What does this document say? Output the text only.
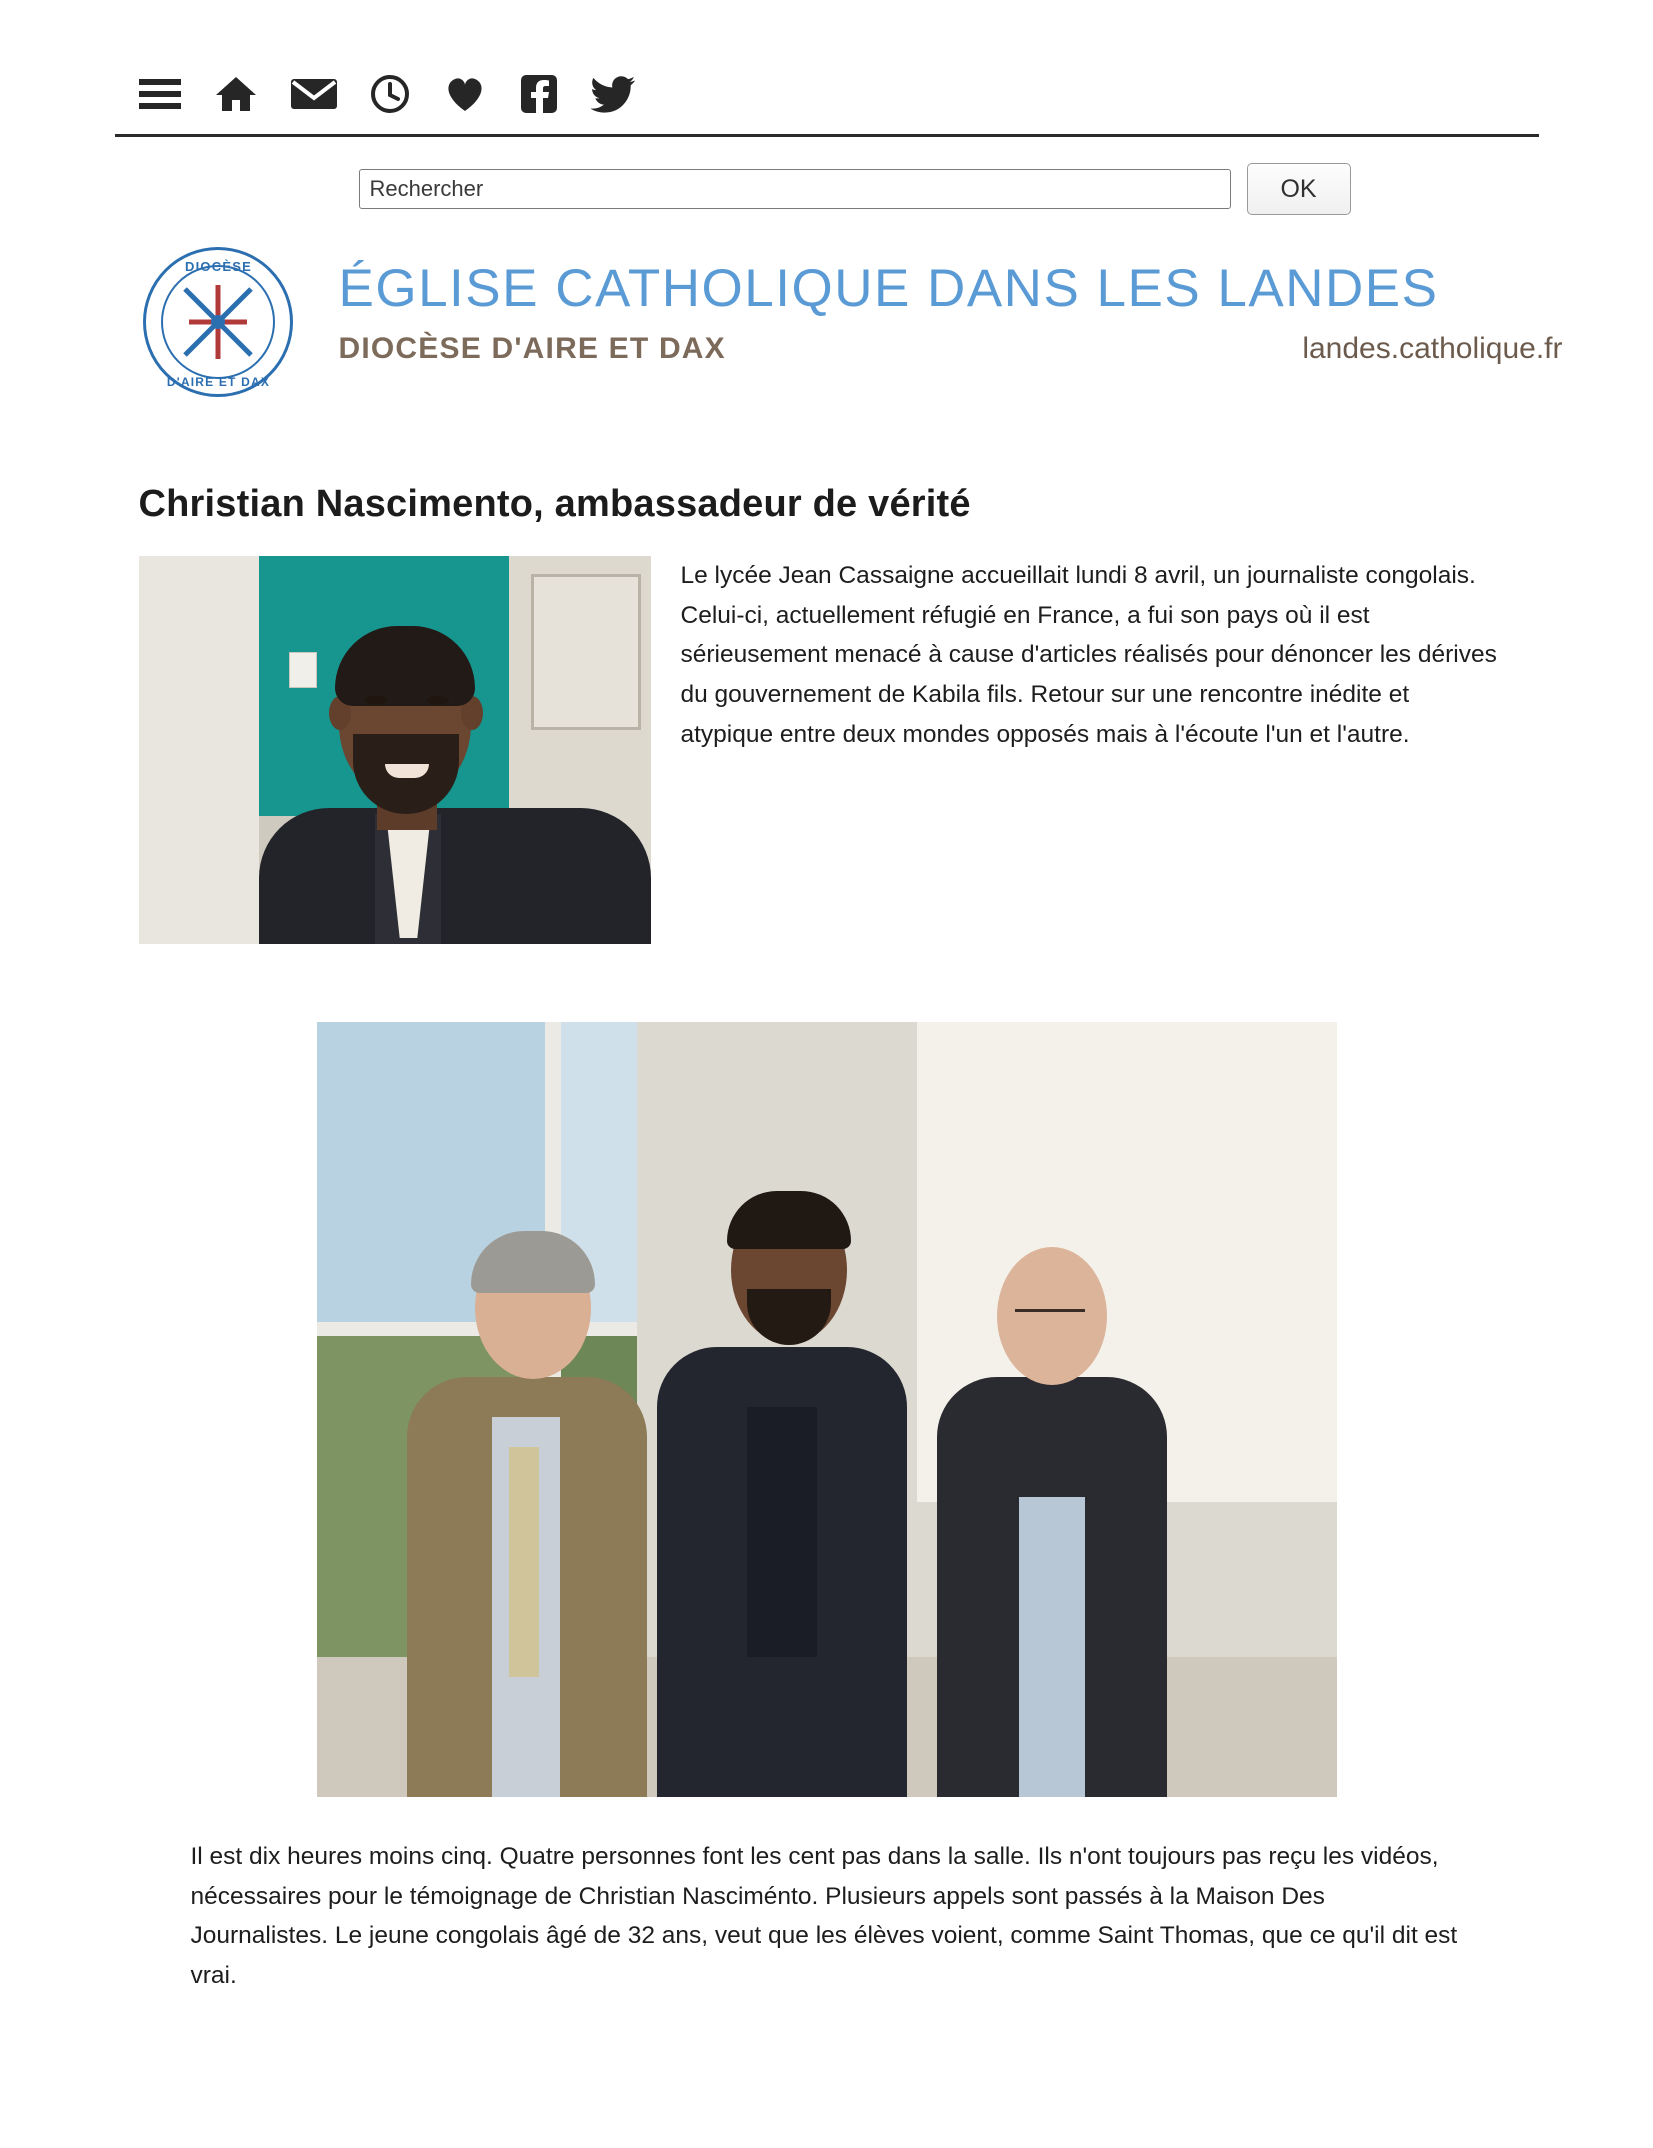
Rechercher
OK
DIOCÈSE
D'AIRE ET DAX
ÉGLISE CATHOLIQUE DANS LES LANDES
DIOCÈSE D'AIRE ET DAX	landes.catholique.fr
Christian Nascimento, ambassadeur de vérité
Le lycée Jean Cassaigne accueillait lundi 8 avril, un journaliste congolais. Celui-ci, actuellement réfugié en France, a fui son pays où il est sérieusement menacé à cause d'articles réalisés pour dénoncer les dérives du gouvernement de Kabila fils. Retour sur une rencontre inédite et atypique entre deux mondes opposés mais à l'écoute l'un et l'autre.
Il est dix heures moins cinq. Quatre personnes font les cent pas dans la salle. Ils n'ont toujours pas reçu les vidéos, nécessaires pour le témoignage de Christian Nasciménto. Plusieurs appels sont passés à la Maison Des Journalistes. Le jeune congolais âgé de 32 ans, veut que les élèves voient, comme Saint Thomas, que ce qu'il dit est vrai.
